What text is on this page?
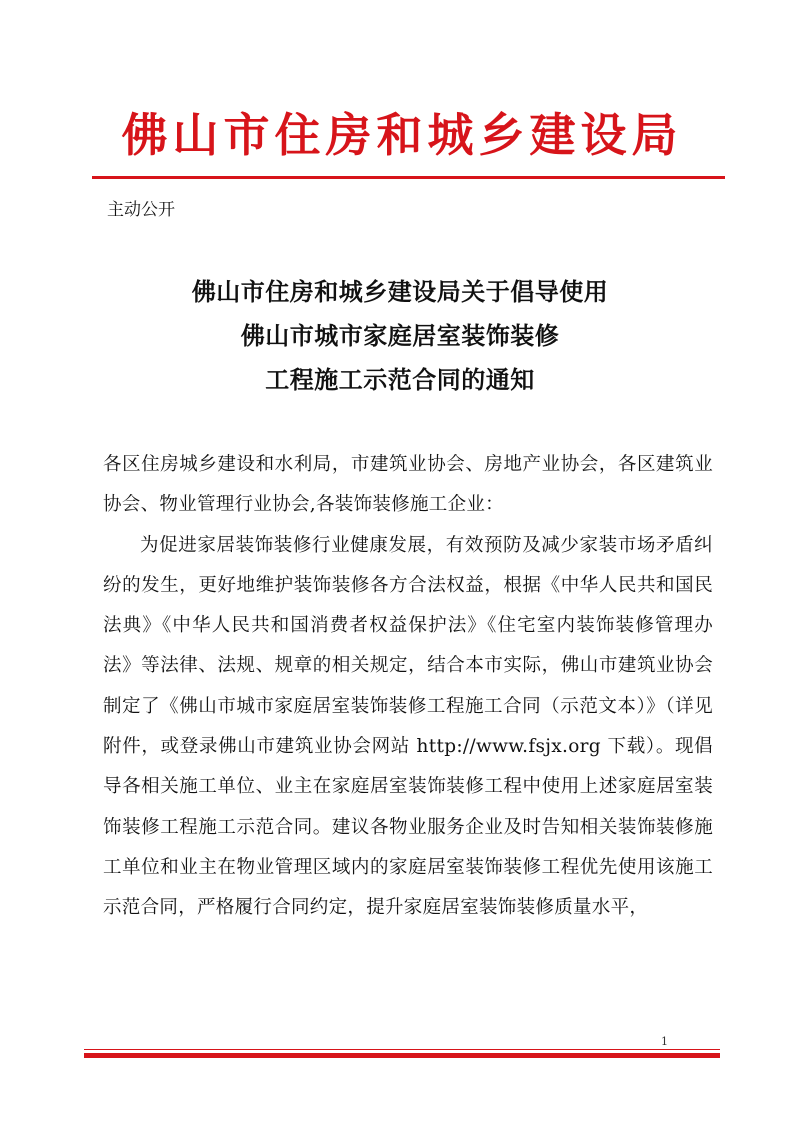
佛山市住房和城乡建设局
主动公开
佛山市住房和城乡建设局关于倡导使用
佛山市城市家庭居室装饰装修
工程施工示范合同的通知

各区住房城乡建设和水利局，市建筑业协会、房地产业协会，各区建筑业协会、物业管理行业协会,各装饰装修施工企业：

为促进家居装饰装修行业健康发展，有效预防及减少家装市场矛盾纠纷的发生，更好地维护装饰装修各方合法权益，根据《中华人民共和国民法典》《中华人民共和国消费者权益保护法》《住宅室内装饰装修管理办法》等法律、法规、规章的相关规定，结合本市实际，佛山市建筑业协会制定了《佛山市城市家庭居室装饰装修工程施工合同（示范文本）》（详见附件，或登录佛山市建筑业协会网站 http://www.fsjx.org 下载）。现倡导各相关施工单位、业主在家庭居室装饰装修工程中使用上述家庭居室装饰装修工程施工示范合同。建议各物业服务企业及时告知相关装饰装修施工单位和业主在物业管理区域内的家庭居室装饰装修工程优先使用该施工示范合同，严格履行合同约定，提升家庭居室装饰装修质量水平，

1
